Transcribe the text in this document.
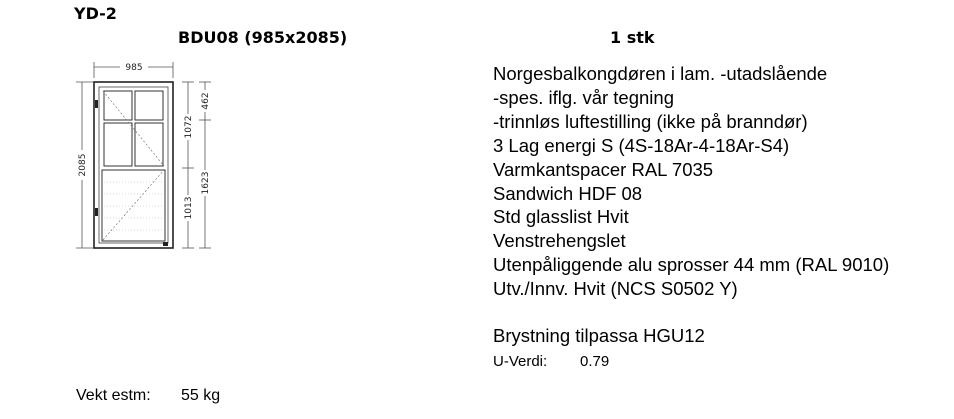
YD-2
BDU08 (985x2085)	1 stk
985
2085
1072
462
1013
1623
Norgesbalkongdøren i lam. -utadslående
-spes. iflg. vår tegning
-trinnløs luftestilling (ikke på branndør)
3 Lag energi S (4S-18Ar-4-18Ar-S4)
Varmkantspacer RAL 7035
Sandwich HDF 08
Std glasslist Hvit
Venstrehengslet
Utenpåliggende alu sprosser 44 mm (RAL 9010)
Utv./Innv. Hvit (NCS S0502 Y)
Brystning tilpassa HGU12
U-Verdi: 0.79
Vekt estm: 55 kg
